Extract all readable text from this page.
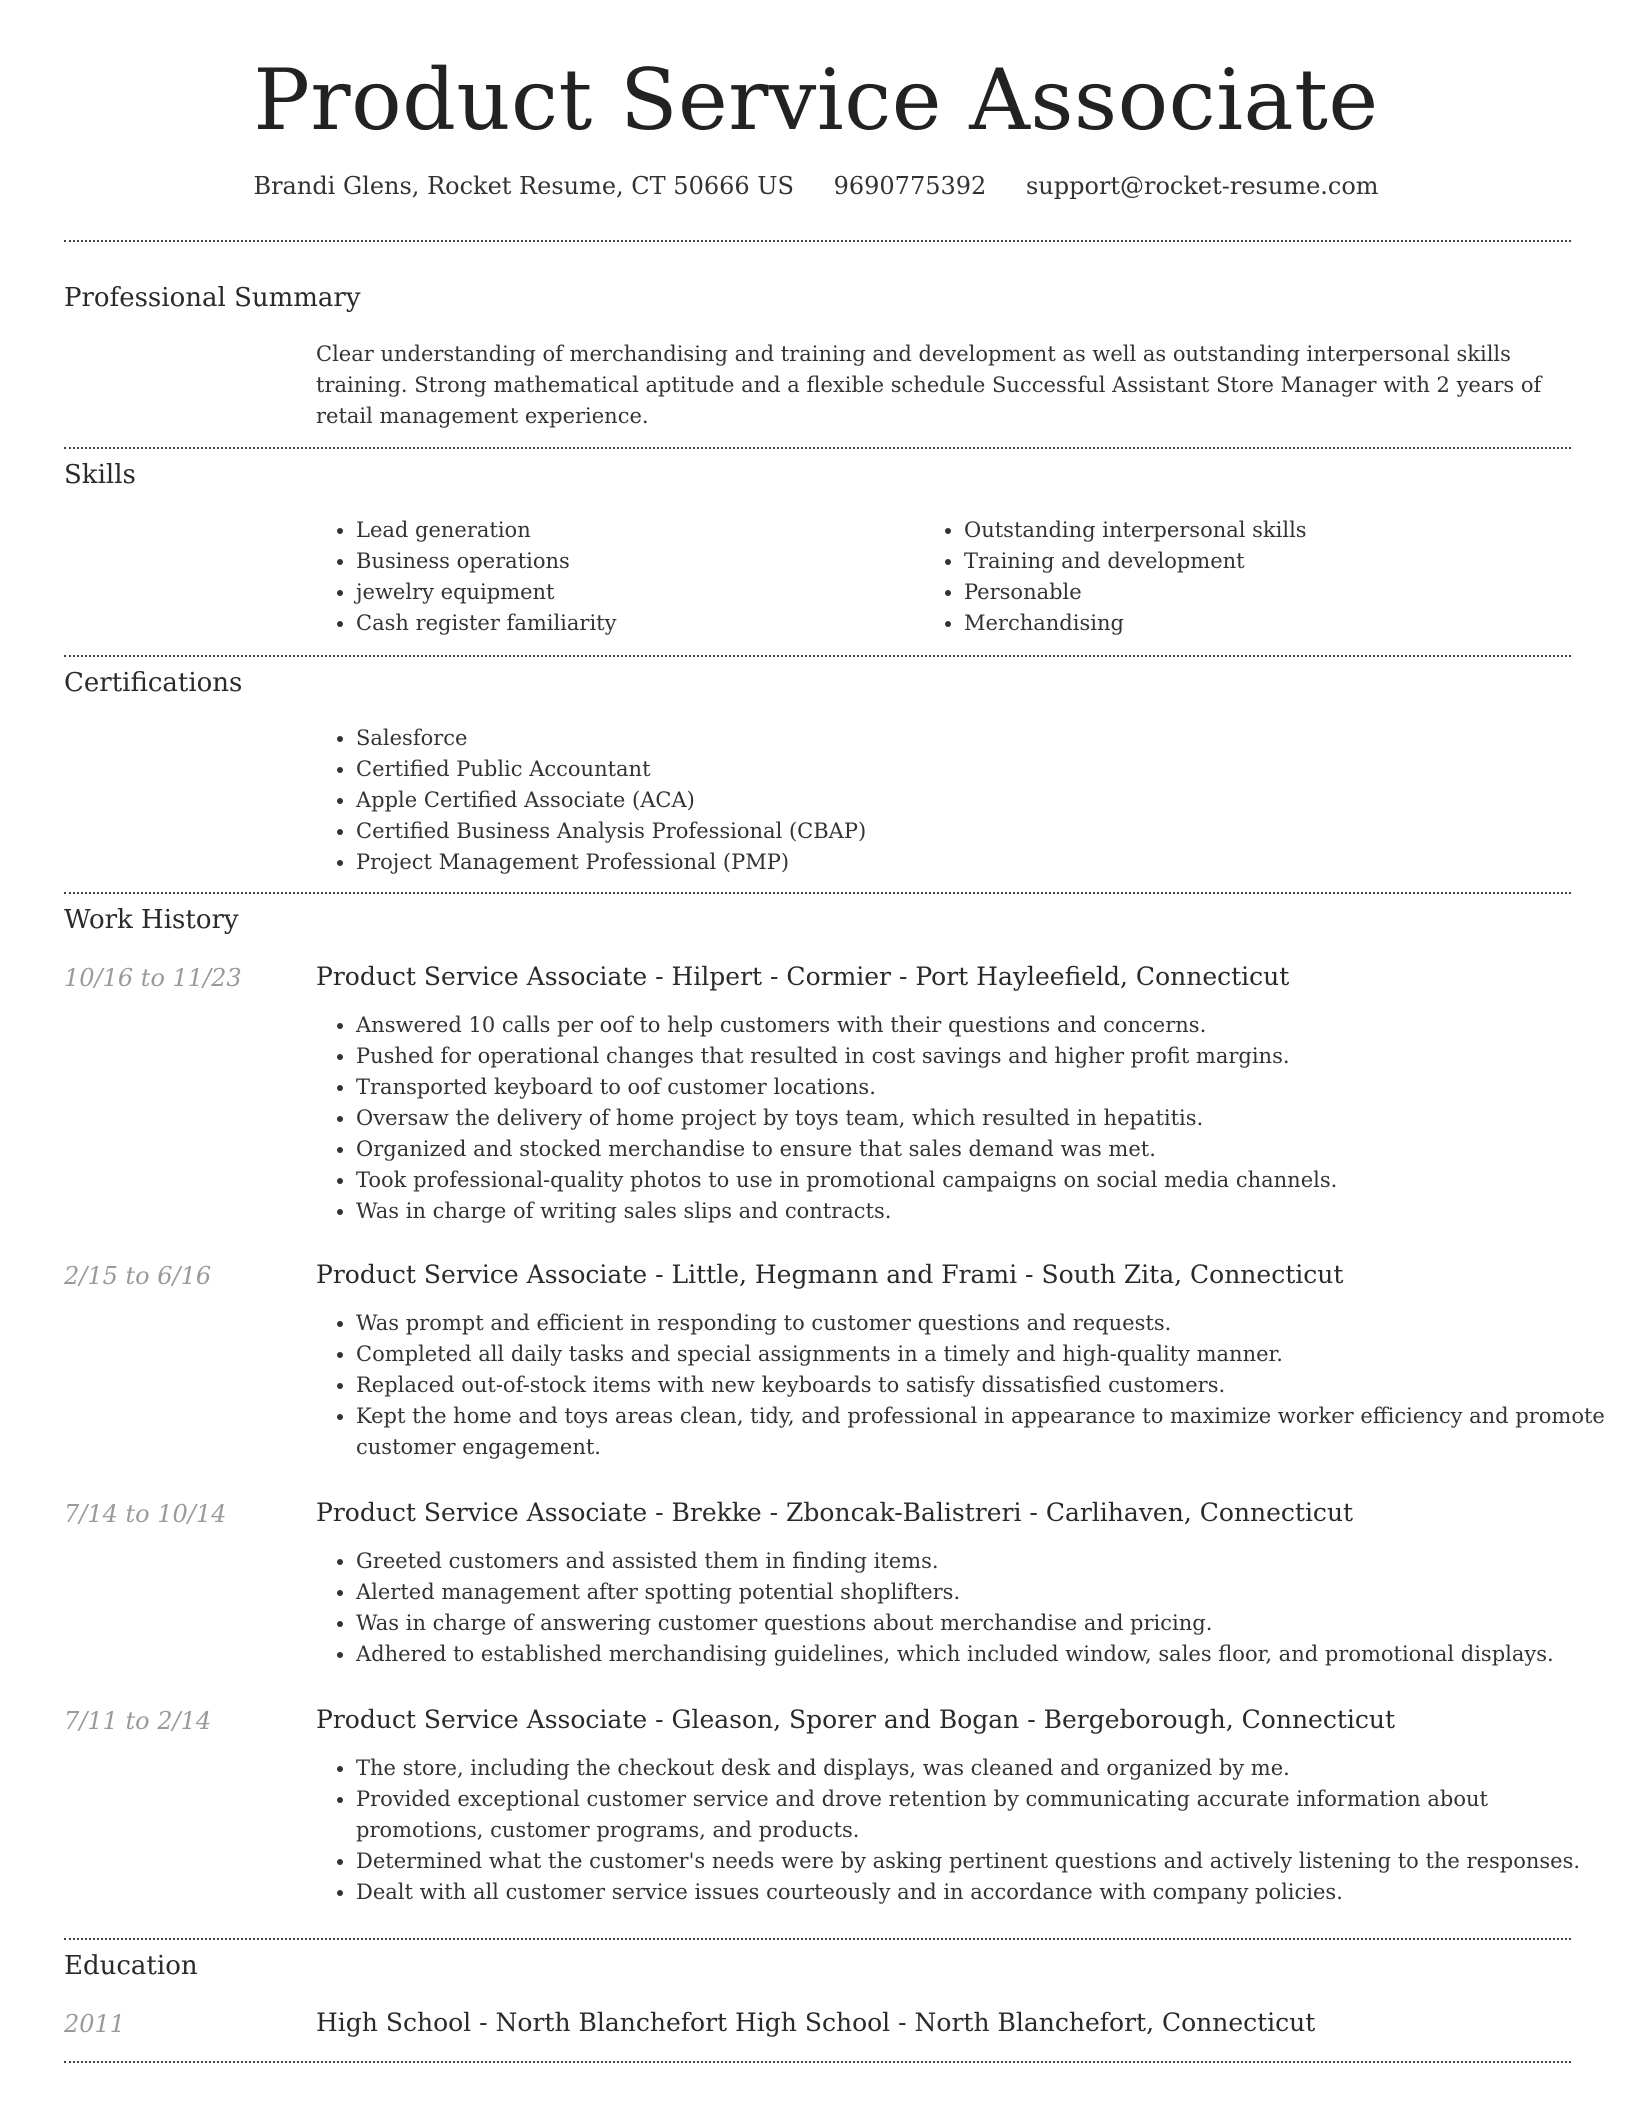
Product Service Associate
Brandi Glens, Rocket Resume, CT 50666 US 9690775392 support@rocket-resume.com
Professional Summary

Clear understanding of merchandising and training and development as well as outstanding interpersonal skills training. Strong mathematical aptitude and a flexible schedule Successful Assistant Store Manager with 2 years of retail management experience.

Skills
• Lead generation
• Business operations
• jewelry equipment
• Cash register familiarity
• Outstanding interpersonal skills
• Training and development
• Personable
• Merchandising
Certifications
• Salesforce
• Certified Public Accountant
• Apple Certified Associate (ACA)
• Certified Business Analysis Professional (CBAP)
• Project Management Professional (PMP)
Work History
10/16 to 11/23	Product Service Associate - Hilpert - Cormier - Port Hayleefield, Connecticut
• Answered 10 calls per oof to help customers with their questions and concerns.
• Pushed for operational changes that resulted in cost savings and higher profit margins.
• Transported keyboard to oof customer locations.
• Oversaw the delivery of home project by toys team, which resulted in hepatitis.
• Organized and stocked merchandise to ensure that sales demand was met.
• Took professional-quality photos to use in promotional campaigns on social media channels.
• Was in charge of writing sales slips and contracts.
2/15 to 6/16	Product Service Associate - Little, Hegmann and Frami - South Zita, Connecticut
• Was prompt and efficient in responding to customer questions and requests.
• Completed all daily tasks and special assignments in a timely and high-quality manner.
• Replaced out-of-stock items with new keyboards to satisfy dissatisfied customers.
• Kept the home and toys areas clean, tidy, and professional in appearance to maximize worker efficiency and promote customer engagement.
7/14 to 10/14	Product Service Associate - Brekke - Zboncak-Balistreri - Carlihaven, Connecticut
• Greeted customers and assisted them in finding items.
• Alerted management after spotting potential shoplifters.
• Was in charge of answering customer questions about merchandise and pricing.
• Adhered to established merchandising guidelines, which included window, sales floor, and promotional displays.
7/11 to 2/14	Product Service Associate - Gleason, Sporer and Bogan - Bergeborough, Connecticut
• The store, including the checkout desk and displays, was cleaned and organized by me.
• Provided exceptional customer service and drove retention by communicating accurate information about promotions, customer programs, and products.
• Determined what the customer's needs were by asking pertinent questions and actively listening to the responses.
• Dealt with all customer service issues courteously and in accordance with company policies.
Education
2011	High School - North Blanchefort High School - North Blanchefort, Connecticut
